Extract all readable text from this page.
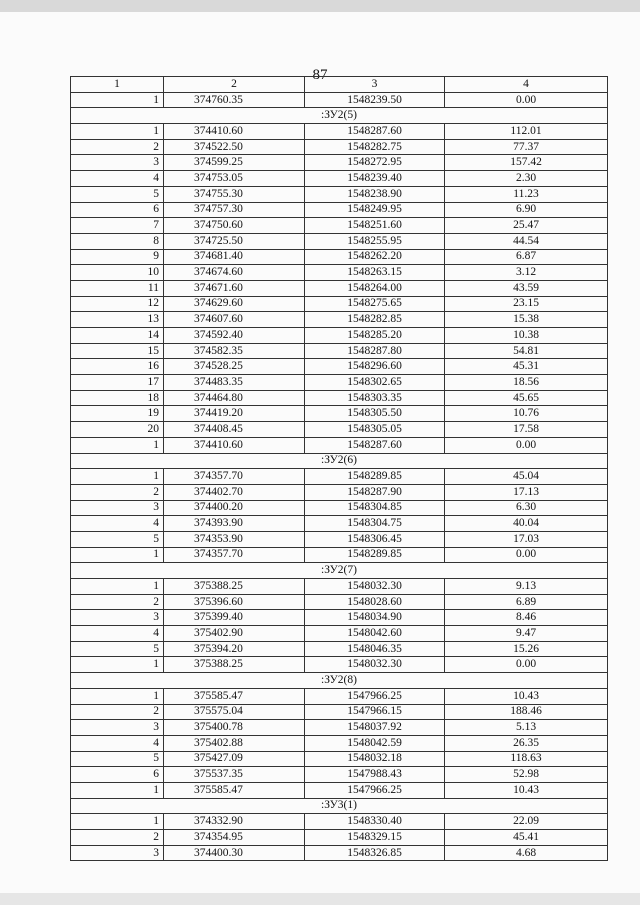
87
1	2	3	4
1	374760.35	1548239.50	0.00
:ЗУ2(5)			
1	374410.60	1548287.60	112.01
2	374522.50	1548282.75	77.37
3	374599.25	1548272.95	157.42
4	374753.05	1548239.40	2.30
5	374755.30	1548238.90	11.23
6	374757.30	1548249.95	6.90
7	374750.60	1548251.60	25.47
8	374725.50	1548255.95	44.54
9	374681.40	1548262.20	6.87
10	374674.60	1548263.15	3.12
11	374671.60	1548264.00	43.59
12	374629.60	1548275.65	23.15
13	374607.60	1548282.85	15.38
14	374592.40	1548285.20	10.38
15	374582.35	1548287.80	54.81
16	374528.25	1548296.60	45.31
17	374483.35	1548302.65	18.56
18	374464.80	1548303.35	45.65
19	374419.20	1548305.50	10.76
20	374408.45	1548305.05	17.58
1	374410.60	1548287.60	0.00
:ЗУ2(6)			
1	374357.70	1548289.85	45.04
2	374402.70	1548287.90	17.13
3	374400.20	1548304.85	6.30
4	374393.90	1548304.75	40.04
5	374353.90	1548306.45	17.03
1	374357.70	1548289.85	0.00
:ЗУ2(7)			
1	375388.25	1548032.30	9.13
2	375396.60	1548028.60	6.89
3	375399.40	1548034.90	8.46
4	375402.90	1548042.60	9.47
5	375394.20	1548046.35	15.26
1	375388.25	1548032.30	0.00
:ЗУ2(8)			
1	375585.47	1547966.25	10.43
2	375575.04	1547966.15	188.46
3	375400.78	1548037.92	5.13
4	375402.88	1548042.59	26.35
5	375427.09	1548032.18	118.63
6	375537.35	1547988.43	52.98
1	375585.47	1547966.25	10.43
:ЗУ3(1)			
1	374332.90	1548330.40	22.09
2	374354.95	1548329.15	45.41
3	374400.30	1548326.85	4.68
